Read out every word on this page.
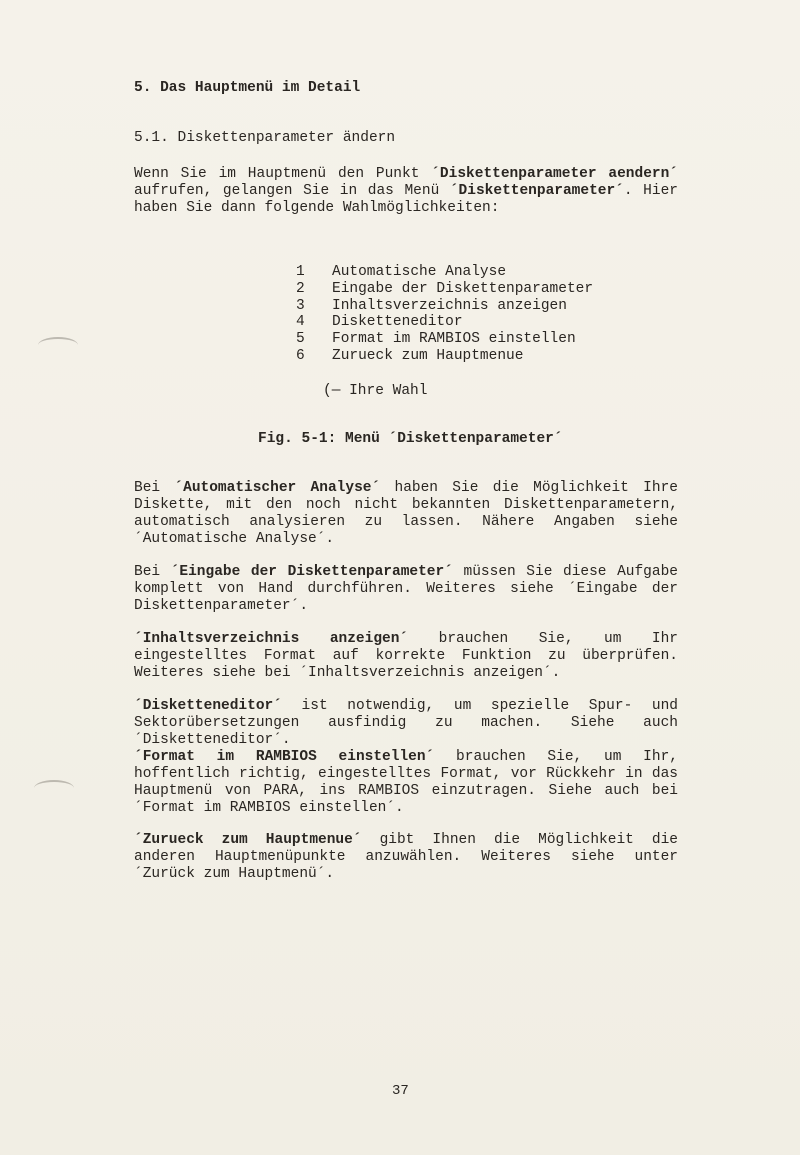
5. Das Hauptmenü im Detail
5.1. Diskettenparameter ändern
Wenn Sie im Hauptmenü den Punkt ´Diskettenparameter aendern´ aufrufen, gelangen Sie in das Menü ´Diskettenparameter´. Hier haben Sie dann folgende Wahlmöglichkeiten:
1	Automatische Analyse
2	Eingabe der Diskettenparameter
3	Inhaltsverzeichnis anzeigen
4	Disketteneditor
5	Format im RAMBIOS einstellen
6	Zurueck zum Hauptmenue
(— Ihre Wahl
Fig. 5-1: Menü ´Diskettenparameter´
Bei ´Automatischer Analyse´ haben Sie die Möglichkeit Ihre Diskette, mit den noch nicht bekannten Diskettenparametern, automatisch analysieren zu lassen. Nähere Angaben siehe ´Automatische Analyse´.
Bei ´Eingabe der Diskettenparameter´ müssen Sie diese Aufgabe komplett von Hand durchführen. Weiteres siehe ´Eingabe der Diskettenparameter´.
´Inhaltsverzeichnis anzeigen´ brauchen Sie, um Ihr eingestelltes Format auf korrekte Funktion zu überprüfen. Weiteres siehe bei ´Inhaltsverzeichnis anzeigen´.
´Disketteneditor´ ist notwendig, um spezielle Spur- und Sektorübersetzungen ausfindig zu machen. Siehe auch ´Disketteneditor´.
´Format im RAMBIOS einstellen´ brauchen Sie, um Ihr, hoffentlich richtig, eingestelltes Format, vor Rückkehr in das Hauptmenü von PARA, ins RAMBIOS einzutragen. Siehe auch bei ´Format im RAMBIOS einstellen´.
´Zurueck zum Hauptmenue´ gibt Ihnen die Möglichkeit die anderen Hauptmenüpunkte anzuwählen. Weiteres siehe unter ´Zurück zum Hauptmenü´.
37
